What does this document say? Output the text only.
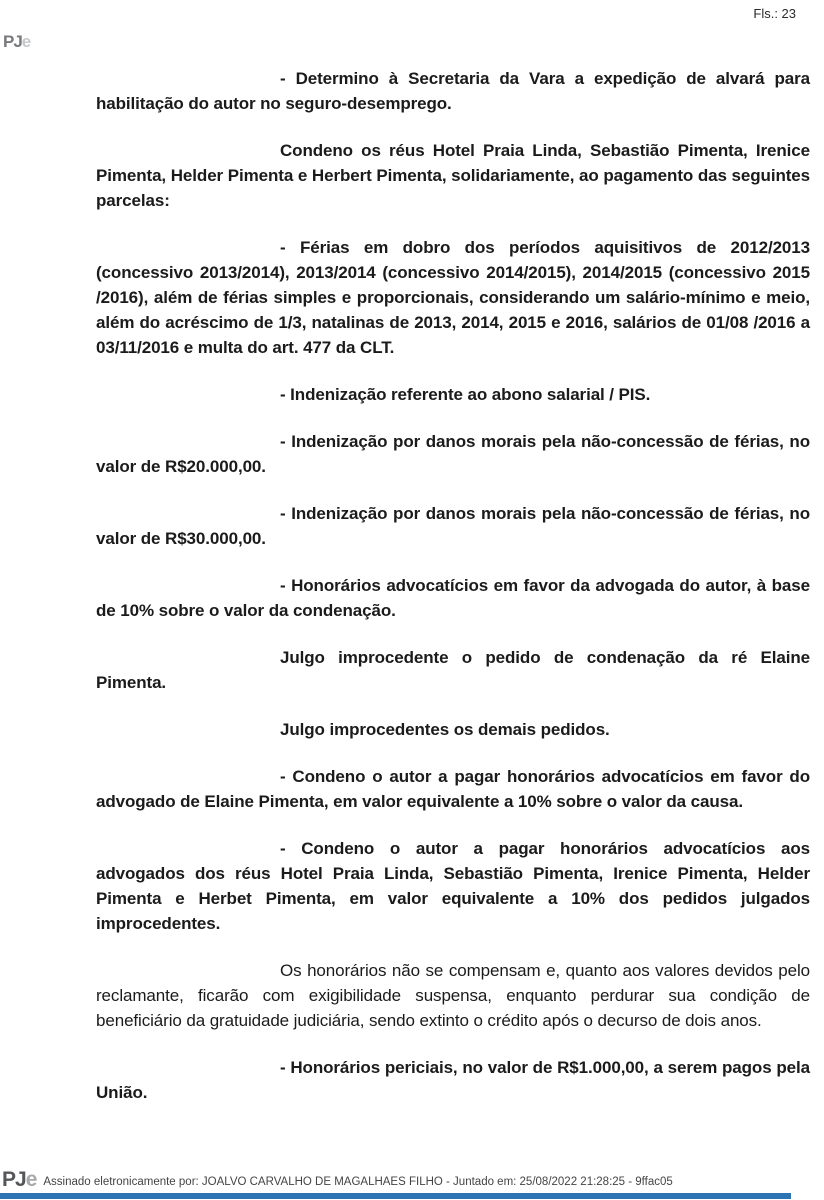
PJe
Fls.: 23

- Determino à Secretaria da Vara a expedição de alvará para habilitação do autor no seguro-desemprego.

Condeno os réus Hotel Praia Linda, Sebastião Pimenta, Irenice Pimenta, Helder Pimenta e Herbert Pimenta, solidariamente, ao pagamento das seguintes parcelas:

- Férias em dobro dos períodos aquisitivos de 2012/2013 (concessivo 2013/2014), 2013/2014 (concessivo 2014/2015), 2014/2015 (concessivo 2015 /2016), além de férias simples e proporcionais, considerando um salário-mínimo e meio, além do acréscimo de 1/3, natalinas de 2013, 2014, 2015 e 2016, salários de 01/08 /2016 a 03/11/2016 e multa do art. 477 da CLT.

- Indenização referente ao abono salarial / PIS.

- Indenização por danos morais pela não-concessão de férias, no valor de R$20.000,00.

- Indenização por danos morais pela não-concessão de férias, no valor de R$30.000,00.

- Honorários advocatícios em favor da advogada do autor, à base de 10% sobre o valor da condenação.

Julgo improcedente o pedido de condenação da ré Elaine Pimenta.

Julgo improcedentes os demais pedidos.

- Condeno o autor a pagar honorários advocatícios em favor do advogado de Elaine Pimenta, em valor equivalente a 10% sobre o valor da causa.

- Condeno o autor a pagar honorários advocatícios aos advogados dos réus Hotel Praia Linda, Sebastião Pimenta, Irenice Pimenta, Helder Pimenta e Herbet Pimenta, em valor equivalente a 10% dos pedidos julgados improcedentes.

Os honorários não se compensam e, quanto aos valores devidos pelo reclamante, ficarão com exigibilidade suspensa, enquanto perdurar sua condição de beneficiário da gratuidade judiciária, sendo extinto o crédito após o decurso de dois anos.

- Honorários periciais, no valor de R$1.000,00, a serem pagos pela União.

PJe Assinado eletronicamente por: JOALVO CARVALHO DE MAGALHAES FILHO - Juntado em: 25/08/2022 21:28:25 - 9ffac05
